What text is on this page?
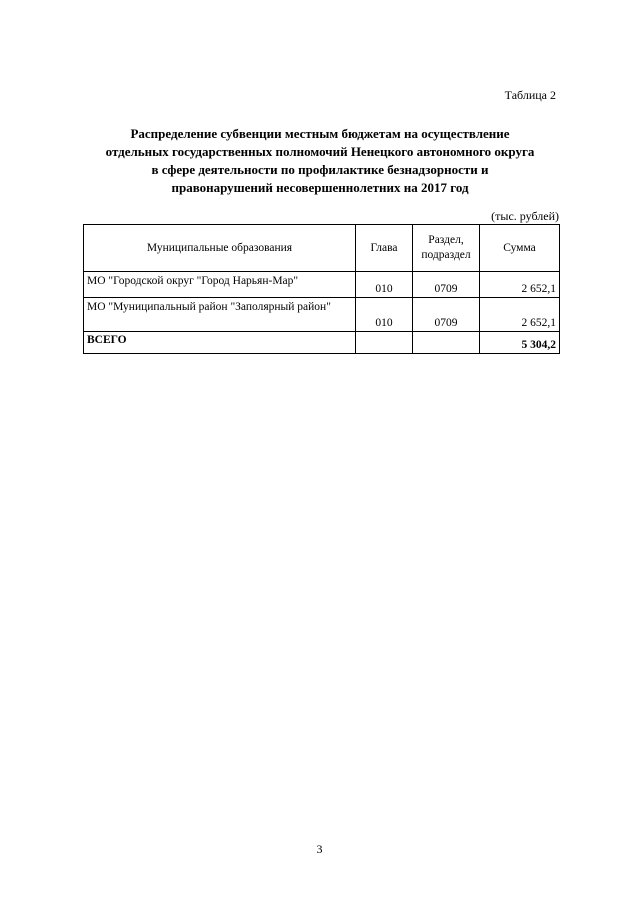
Таблица 2
Распределение субвенции местным бюджетам на осуществление
отдельных государственных полномочий Ненецкого автономного округа
в сфере деятельности по профилактике безнадзорности и
правонарушений несовершеннолетних на 2017 год
(тыс. рублей)
Муниципальные образования	Глава	Раздел,
подраздел	Сумма
МО "Городской округ "Город Нарьян-Мар"	010	0709	2 652,1
МО "Муниципальный район "Заполярный район"	010	0709	2 652,1
ВСЕГО			5 304,2
3
